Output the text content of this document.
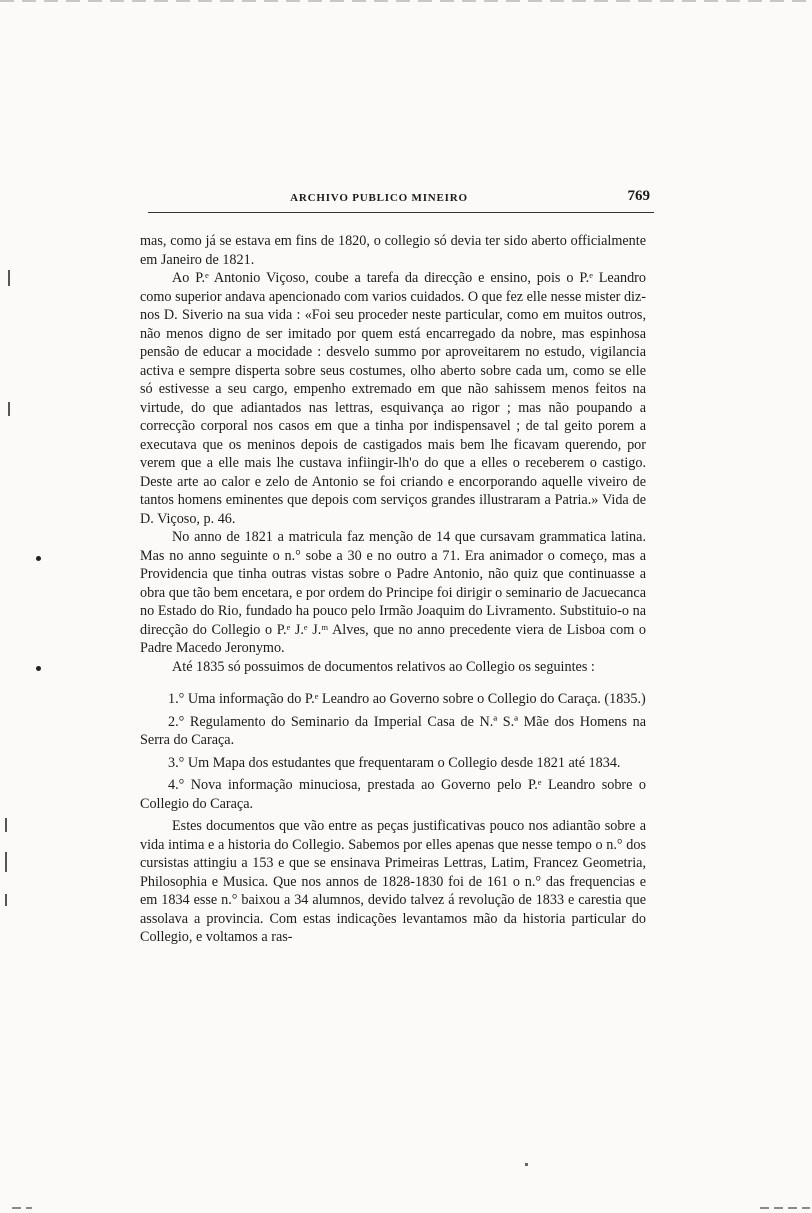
ARCHIVO PUBLICO MINEIRO	769

mas, como já se estava em fins de 1820, o collegio só devia ter sido aberto officialmente em Janeiro de 1821.

Ao P.ᵉ Antonio Viçoso, coube a tarefa da direcção e ensino, pois o P.ᵉ Leandro como superior andava apencionado com varios cuidados. O que fez elle nesse mister diz-nos D. Siverio na sua vida : «Foi seu proceder neste particular, como em muitos outros, não menos digno de ser imitado por quem está encarregado da nobre, mas espinhosa pensão de educar a mocidade : desvelo summo por aproveitarem no estudo, vigilancia activa e sempre disperta sobre seus costumes, olho aberto sobre cada um, como se elle só estivesse a seu cargo, empenho extremado em que não sahissem menos feitos na virtude, do que adiantados nas lettras, esquivança ao rigor ; mas não poupando a correcção corporal nos casos em que a tinha por indispensavel ; de tal geito porem a executava que os meninos depois de castigados mais bem lhe ficavam querendo, por verem que a elle mais lhe custava infiingir-lh'o do que a elles o receberem o castigo. Deste arte ao calor e zelo de Antonio se foi criando e encorporando aquelle viveiro de tantos homens eminentes que depois com serviços grandes illustraram a Patria.» Vida de D. Viçoso, p. 46.

No anno de 1821 a matricula faz menção de 14 que cursavam grammatica latina. Mas no anno seguinte o n.° sobe a 30 e no outro a 71. Era animador o começo, mas a Providencia que tinha outras vistas sobre o Padre Antonio, não quiz que continuasse a obra que tão bem encetara, e por ordem do Principe foi dirigir o seminario de Jacuecanca no Estado do Rio, fundado ha pouco pelo Irmão Joaquim do Livramento. Substituio-o na direcção do Collegio o P.ᵉ J.ᵉ J.ᵐ Alves, que no anno precedente viera de Lisboa com o Padre Macedo Jeronymo.

Até 1835 só possuimos de documentos relativos ao Collegio os seguintes :

1.° Uma informação do P.ᵉ Leandro ao Governo sobre o Collegio do Caraça. (1835.)

2.° Regulamento do Seminario da Imperial Casa de N.ª S.ª Mãe dos Homens na Serra do Caraça.

3.° Um Mapa dos estudantes que frequentaram o Collegio desde 1821 até 1834.

4.° Nova informação minuciosa, prestada ao Governo pelo P.ᵉ Leandro sobre o Collegio do Caraça.

Estes documentos que vão entre as peças justificativas pouco nos adiantão sobre a vida intima e a historia do Collegio. Sabemos por elles apenas que nesse tempo o n.° dos cursistas attingiu a 153 e que se ensinava Primeiras Lettras, Latim, Francez Geometria, Philosophia e Musica. Que nos annos de 1828-1830 foi de 161 o n.° das frequencias e em 1834 esse n.° baixou a 34 alumnos, devido talvez á revolução de 1833 e carestia que assolava a provincia. Com estas indicações levantamos mão da historia particular do Collegio, e voltamos a ras-
